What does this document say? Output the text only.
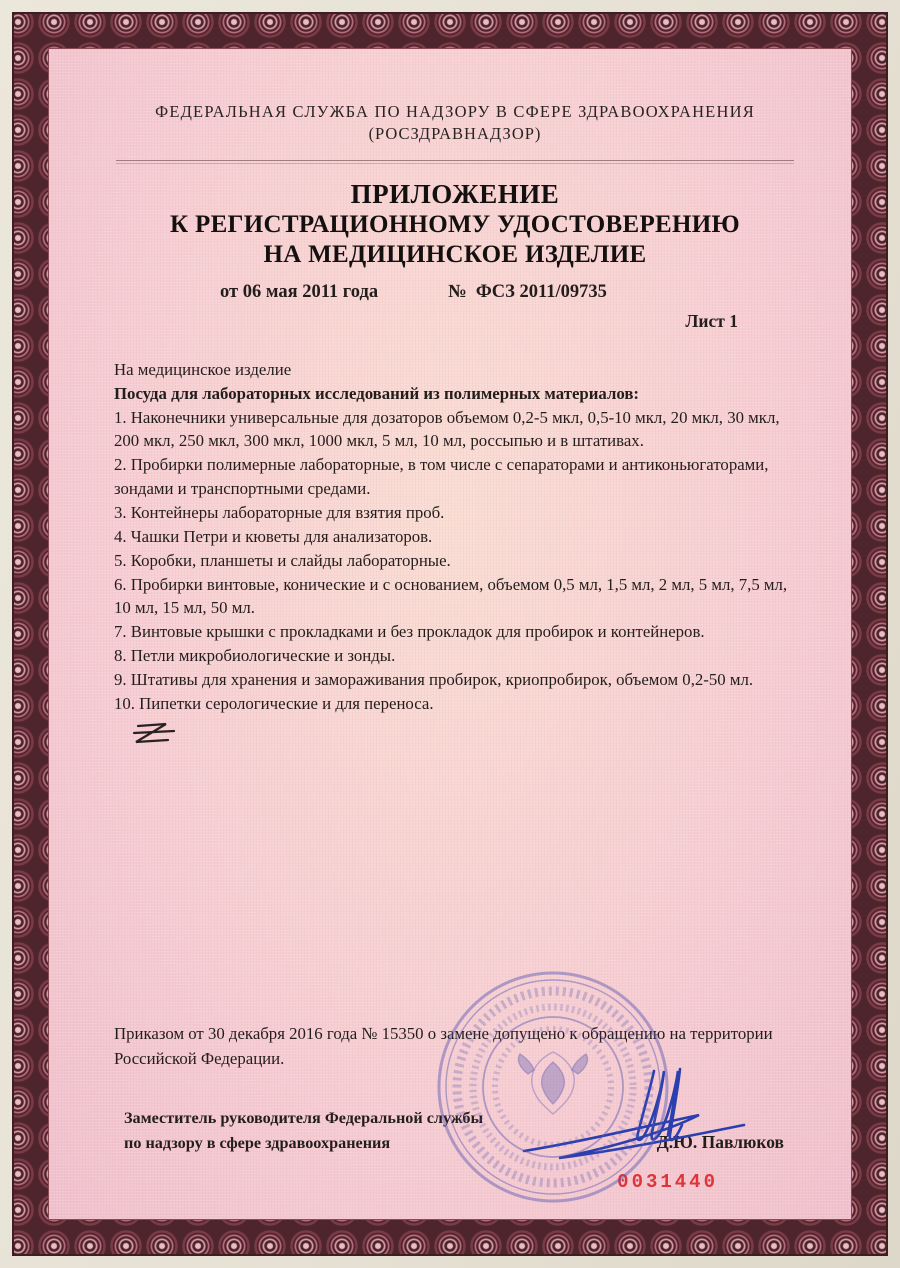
ФЕДЕРАЛЬНАЯ СЛУЖБА ПО НАДЗОРУ В СФЕРЕ ЗДРАВООХРАНЕНИЯ
(РОСЗДРАВНАДЗОР)
ПРИЛОЖЕНИЕ
К РЕГИСТРАЦИОННОМУ УДОСТОВЕРЕНИЮ
НА МЕДИЦИНСКОЕ ИЗДЕЛИЕ
от 06 мая 2011 года	№  ФСЗ 2011/09735
Лист 1

На медицинское изделие

Посуда для лабораторных исследований из полимерных материалов:

1. Наконечники универсальные для дозаторов объемом 0,2-5 мкл, 0,5-10 мкл, 20 мкл, 30 мкл, 200 мкл, 250 мкл, 300 мкл, 1000 мкл, 5 мл, 10 мл, россыпью и в штативах.

2. Пробирки полимерные лабораторные, в том числе с сепараторами и антиконьюгаторами, зондами и транспортными средами.

3. Контейнеры лабораторные для взятия проб.

4. Чашки Петри и кюветы для анализаторов.

5. Коробки, планшеты и слайды лабораторные.

6. Пробирки винтовые, конические и с основанием, объемом 0,5 мл, 1,5 мл, 2 мл, 5 мл, 7,5 мл, 10 мл, 15 мл, 50 мл.

7. Винтовые крышки с прокладками и без прокладок для пробирок и контейнеров.

8. Петли микробиологические и зонды.

9. Штативы для хранения и замораживания пробирок, криопробирок, объемом 0,2-50 мл.

10. Пипетки серологические и для переноса.

Приказом от 30 декабря 2016 года № 15350 о замене допущено к обращению на территории Российской Федерации.

Заместитель руководителя Федеральной службы
по надзору в сфере здравоохранения	Д.Ю. Павлюков
0031440
